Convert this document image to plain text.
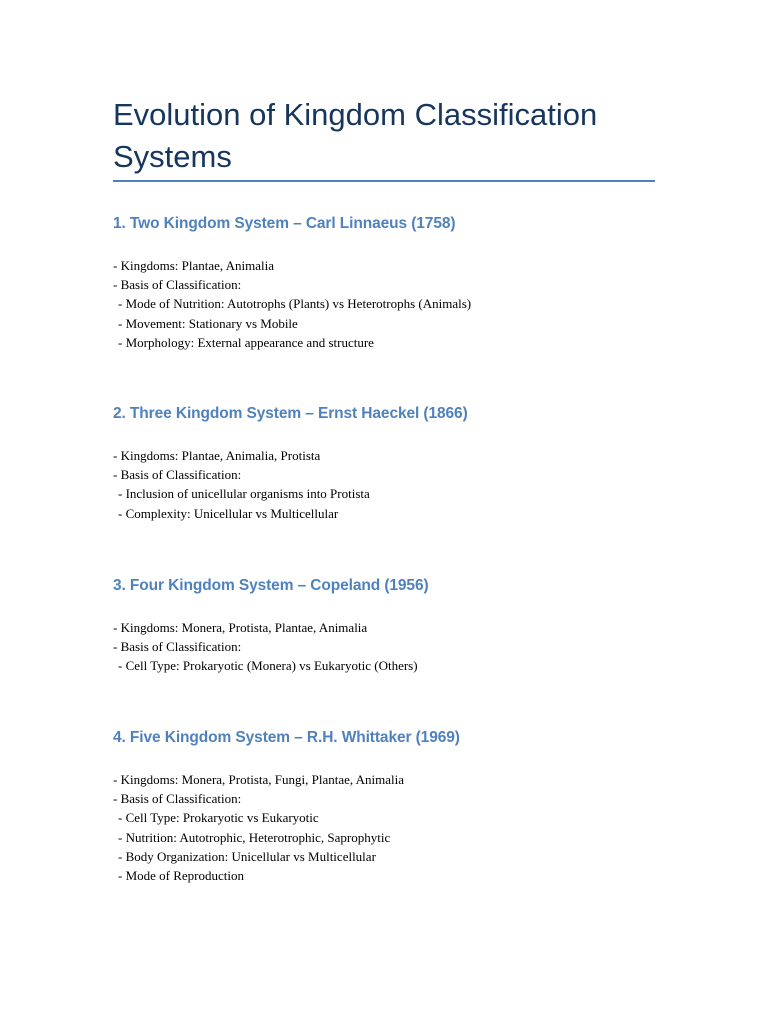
Evolution of Kingdom Classification Systems
1. Two Kingdom System – Carl Linnaeus (1758)
- Kingdoms: Plantae, Animalia
- Basis of Classification:
- Mode of Nutrition: Autotrophs (Plants) vs Heterotrophs (Animals)
- Movement: Stationary vs Mobile
- Morphology: External appearance and structure
2. Three Kingdom System – Ernst Haeckel (1866)
- Kingdoms: Plantae, Animalia, Protista
- Basis of Classification:
- Inclusion of unicellular organisms into Protista
- Complexity: Unicellular vs Multicellular
3. Four Kingdom System – Copeland (1956)
- Kingdoms: Monera, Protista, Plantae, Animalia
- Basis of Classification:
- Cell Type: Prokaryotic (Monera) vs Eukaryotic (Others)
4. Five Kingdom System – R.H. Whittaker (1969)
- Kingdoms: Monera, Protista, Fungi, Plantae, Animalia
- Basis of Classification:
- Cell Type: Prokaryotic vs Eukaryotic
- Nutrition: Autotrophic, Heterotrophic, Saprophytic
- Body Organization: Unicellular vs Multicellular
- Mode of Reproduction
